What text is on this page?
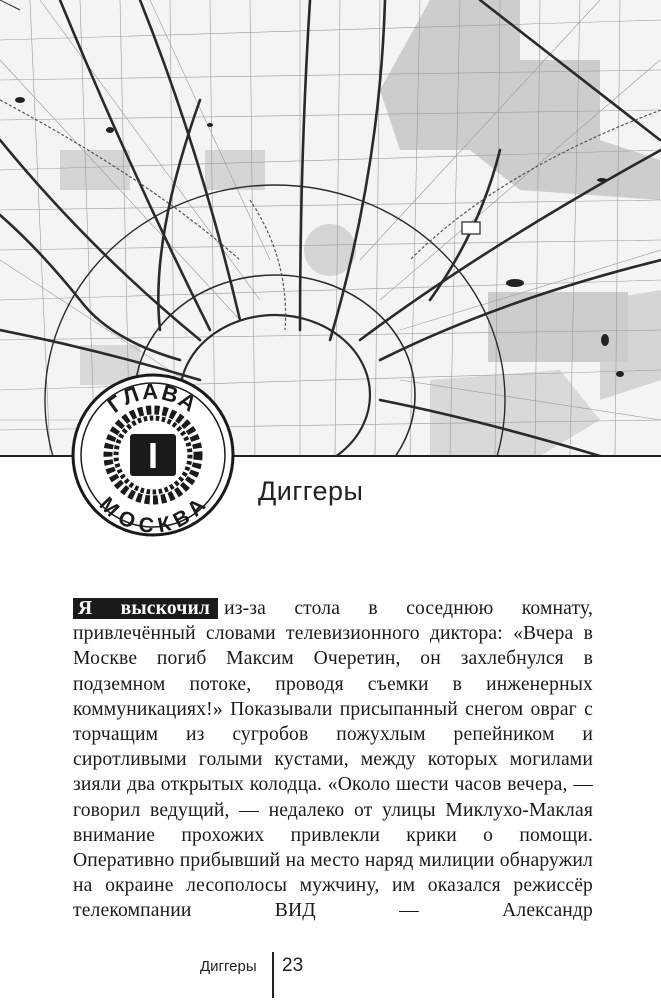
I
ГЛАВА
МОСКВА
Диггеры

Я выскочил из-за стола в соседнюю комнату, привлечённый словами телевизионного диктора: «Вчера в Москве погиб Максим Очеретин, он захлебнулся в подземном потоке, проводя съемки в инженерных коммуникациях!» Показывали присыпанный снегом овраг с торчащим из сугробов пожухлым репейником и сиротливыми голыми кустами, между которых могилами зияли два открытых колодца. «Около шести часов вечера, — говорил ведущий, — недалеко от улицы Миклухо-Маклая внимание прохожих привлекли крики о помощи. Оперативно прибывший на место наряд милиции обнаружил на окраине лесополосы мужчину, им оказался режиссёр телекомпании ВИД — Александр

Диггеры 23
